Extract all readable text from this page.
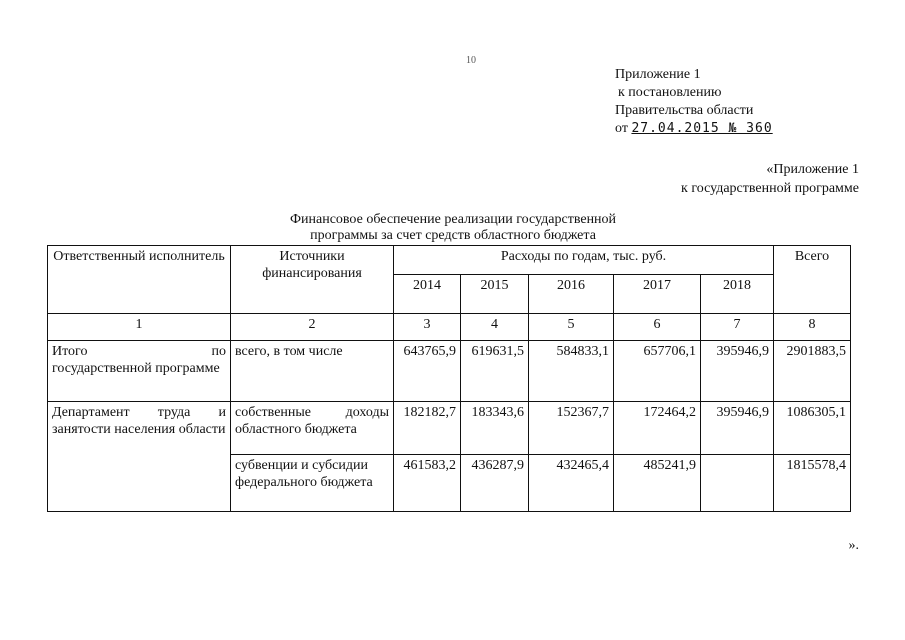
10
Приложение 1
к постановлению
Правительства области
от 27.04.2015 № 360
«Приложение 1
к государственной программе
Финансовое обеспечение реализации государственной
программы за счет средств областного бюджета
Ответственный исполнитель	Источники финансирования	Расходы по годам, тыс. руб.					Всего
		2014	2015	2016	2017	2018	
1	2	3	4	5	6	7	8

Итого по
государственной программе	всего, в том числе	643765,9	619631,5	584833,1	657706,1	395946,9	2901883,5
Департамент труда и занятости населения области	собственные доходы областного бюджета	182182,7	183343,6	152367,7	172464,2	395946,9	1086305,1
	субвенции и субсидии федерального бюджета	461583,2	436287,9	432465,4	485241,9		1815578,4
».
